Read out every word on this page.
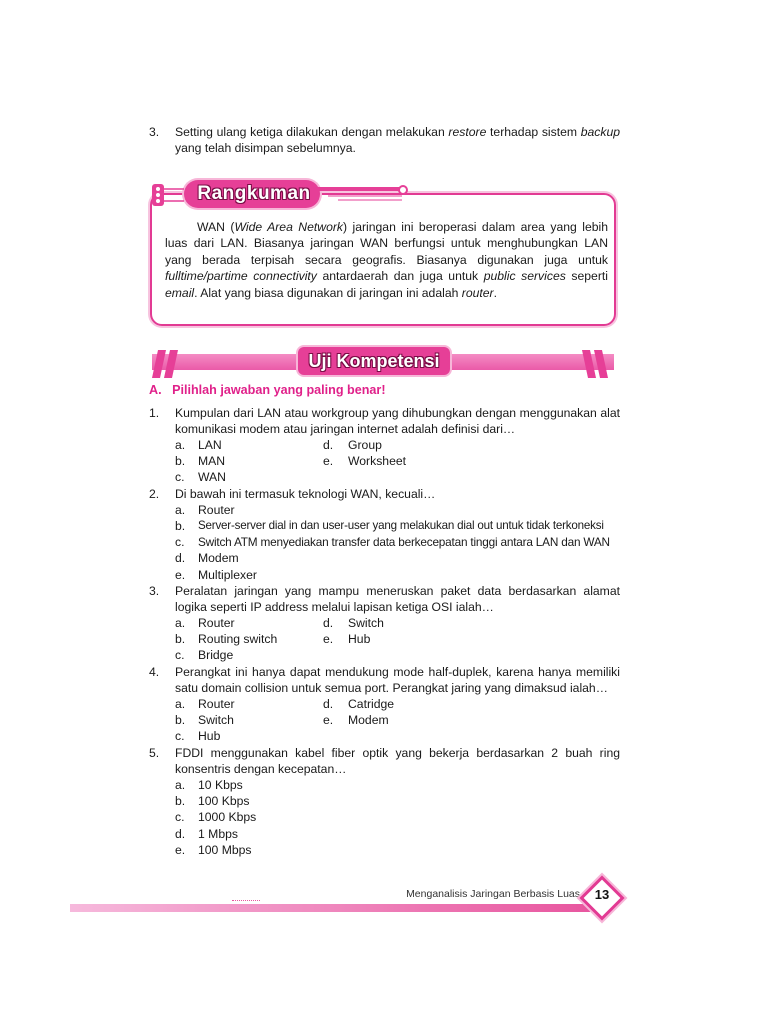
3. Setting ulang ketiga dilakukan dengan melakukan restore terhadap sistem backup yang telah disimpan sebelumnya.
Rangkuman
WAN (Wide Area Network) jaringan ini beroperasi dalam area yang lebih luas dari LAN. Biasanya jaringan WAN berfungsi untuk menghubungkan LAN yang berada terpisah secara geografis. Biasanya digunakan juga untuk fulltime/partime connectivity antardaerah dan juga untuk public services seperti email. Alat yang biasa digunakan di jaringan ini adalah router.
Uji Kompetensi
A.   Pilihlah jawaban yang paling benar!
1. Kumpulan dari LAN atau workgroup yang dihubungkan dengan menggunakan alat komunikasi modem atau jaringan internet adalah definisi dari…
a. LAN	d. Group
b. MAN	e. Worksheet
c. WAN
2. Di bawah ini termasuk teknologi WAN, kecuali…
a. Router
b. Server-server dial in dan user-user yang melakukan dial out untuk tidak terkoneksi
c. Switch ATM menyediakan transfer data berkecepatan tinggi antara LAN dan WAN
d. Modem
e. Multiplexer
3. Peralatan jaringan yang mampu meneruskan paket data berdasarkan alamat logika seperti IP address melalui lapisan ketiga OSI ialah…
a. Router	d. Switch
b. Routing switch	e. Hub
c. Bridge
4. Perangkat ini hanya dapat mendukung mode half-duplek, karena hanya memiliki satu domain collision untuk semua port. Perangkat jaring yang dimaksud ialah…
a. Router	d. Catridge
b. Switch	e. Modem
c. Hub
5. FDDI menggunakan kabel fiber optik yang bekerja berdasarkan 2 buah ring konsentris dengan kecepatan…
a. 10 Kbps
b. 100 Kbps
c. 1000 Kbps
d. 1 Mbps
e. 100 Mbps
Menganalisis Jaringan Berbasis Luas	13
